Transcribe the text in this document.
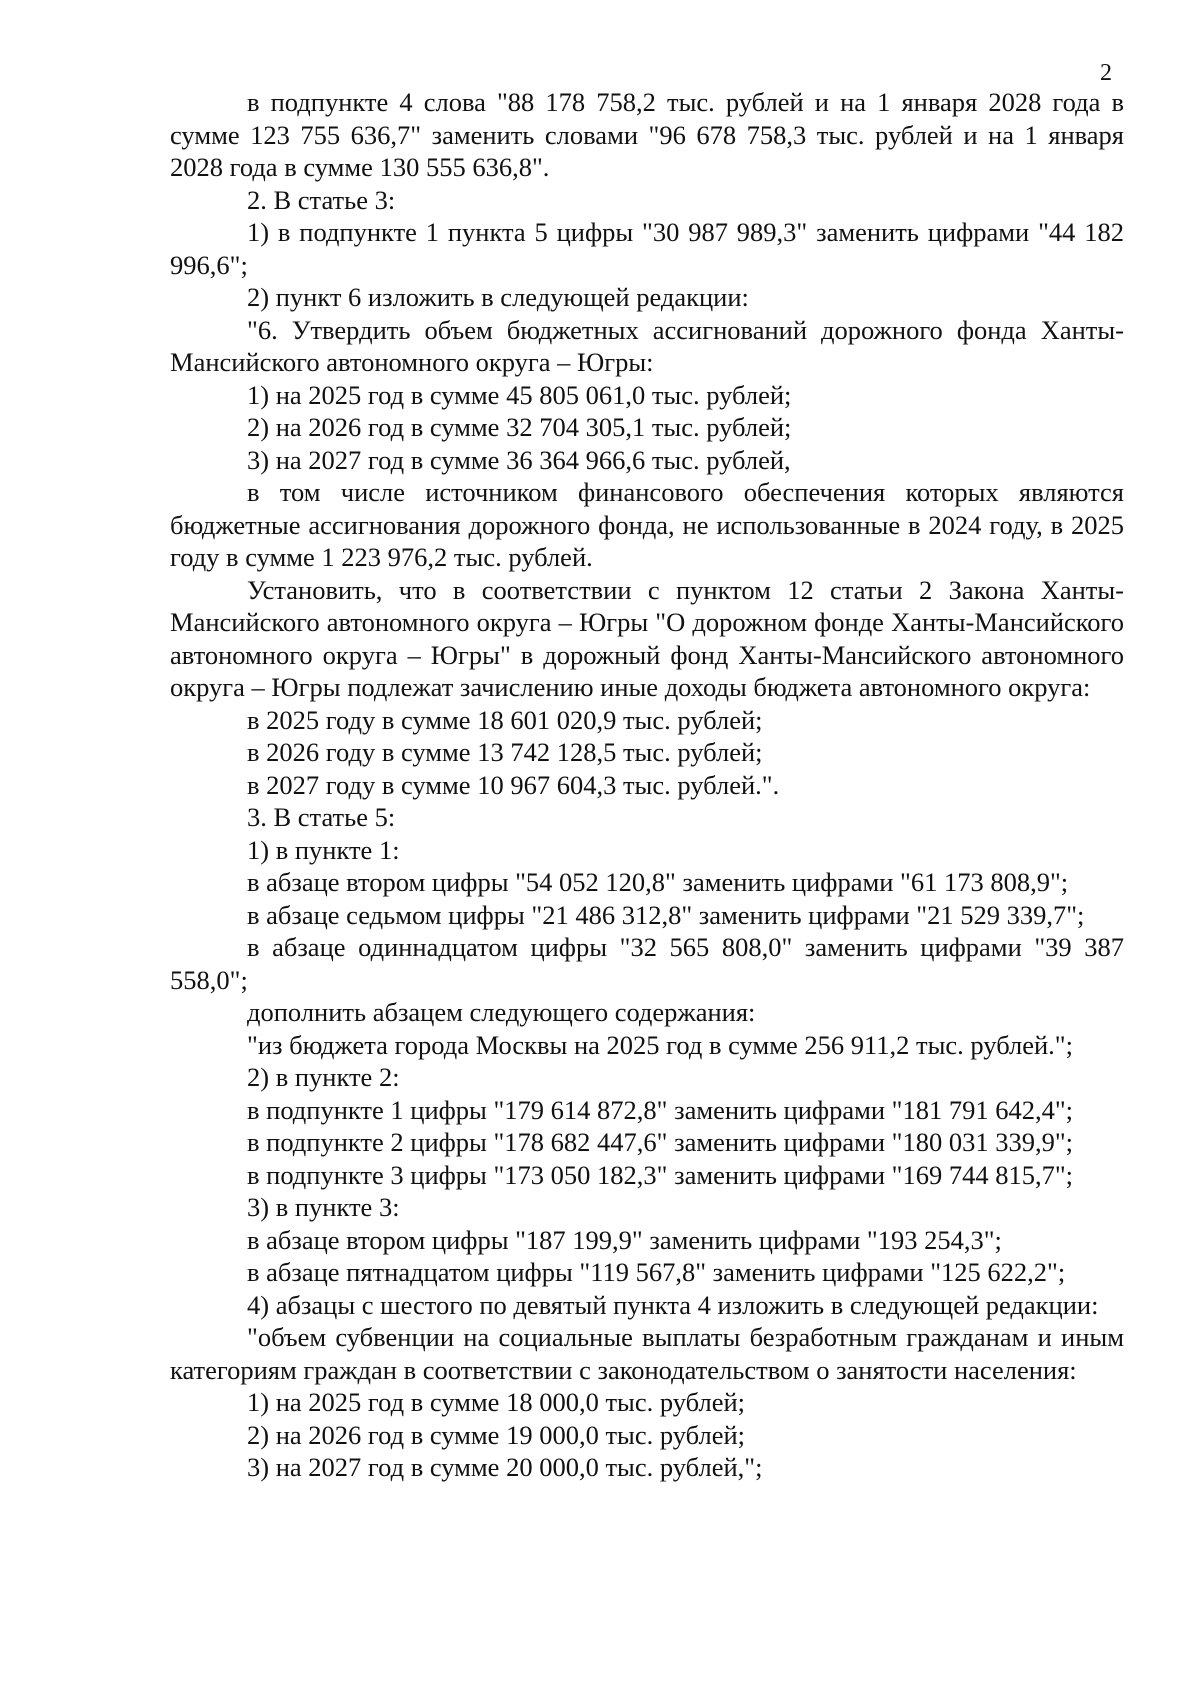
2

в подпункте 4 слова "88 178 758,2 тыс. рублей и на 1 января 2028 года в сумме 123 755 636,7" заменить словами "96 678 758,3 тыс. рублей и на 1 января 2028 года в сумме 130 555 636,8".

2. В статье 3:

1) в подпункте 1 пункта 5 цифры "30 987 989,3" заменить цифрами "44 182 996,6";

2) пункт 6 изложить в следующей редакции:

"6. Утвердить объем бюджетных ассигнований дорожного фонда Ханты-Мансийского автономного округа – Югры:

1) на 2025 год в сумме 45 805 061,0 тыс. рублей;

2) на 2026 год в сумме 32 704 305,1 тыс. рублей;

3) на 2027 год в сумме 36 364 966,6 тыс. рублей,

в том числе источником финансового обеспечения которых являются бюджетные ассигнования дорожного фонда, не использованные в 2024 году, в 2025 году в сумме 1 223 976,2 тыс. рублей.

Установить, что в соответствии с пунктом 12 статьи 2 Закона Ханты-Мансийского автономного округа – Югры "О дорожном фонде Ханты-Мансийского автономного округа – Югры" в дорожный фонд Ханты-Мансийского автономного округа – Югры подлежат зачислению иные доходы бюджета автономного округа:

в 2025 году в сумме 18 601 020,9 тыс. рублей;

в 2026 году в сумме 13 742 128,5 тыс. рублей;

в 2027 году в сумме 10 967 604,3 тыс. рублей.".

3. В статье 5:

1) в пункте 1:

в абзаце втором цифры "54 052 120,8" заменить цифрами "61 173 808,9";

в абзаце седьмом цифры "21 486 312,8" заменить цифрами "21 529 339,7";

в абзаце одиннадцатом цифры "32 565 808,0" заменить цифрами "39 387 558,0";

дополнить абзацем следующего содержания:

"из бюджета города Москвы на 2025 год в сумме 256 911,2 тыс. рублей.";

2) в пункте 2:

в подпункте 1 цифры "179 614 872,8" заменить цифрами "181 791 642,4";

в подпункте 2 цифры "178 682 447,6" заменить цифрами "180 031 339,9";

в подпункте 3 цифры "173 050 182,3" заменить цифрами "169 744 815,7";

3) в пункте 3:

в абзаце втором цифры "187 199,9" заменить цифрами "193 254,3";

в абзаце пятнадцатом цифры "119 567,8" заменить цифрами "125 622,2";

4) абзацы с шестого по девятый пункта 4 изложить в следующей редакции:

"объем субвенции на социальные выплаты безработным гражданам и иным категориям граждан в соответствии с законодательством о занятости населения:

1) на 2025 год в сумме 18 000,0 тыс. рублей;

2) на 2026 год в сумме 19 000,0 тыс. рублей;

3) на 2027 год в сумме 20 000,0 тыс. рублей,";
